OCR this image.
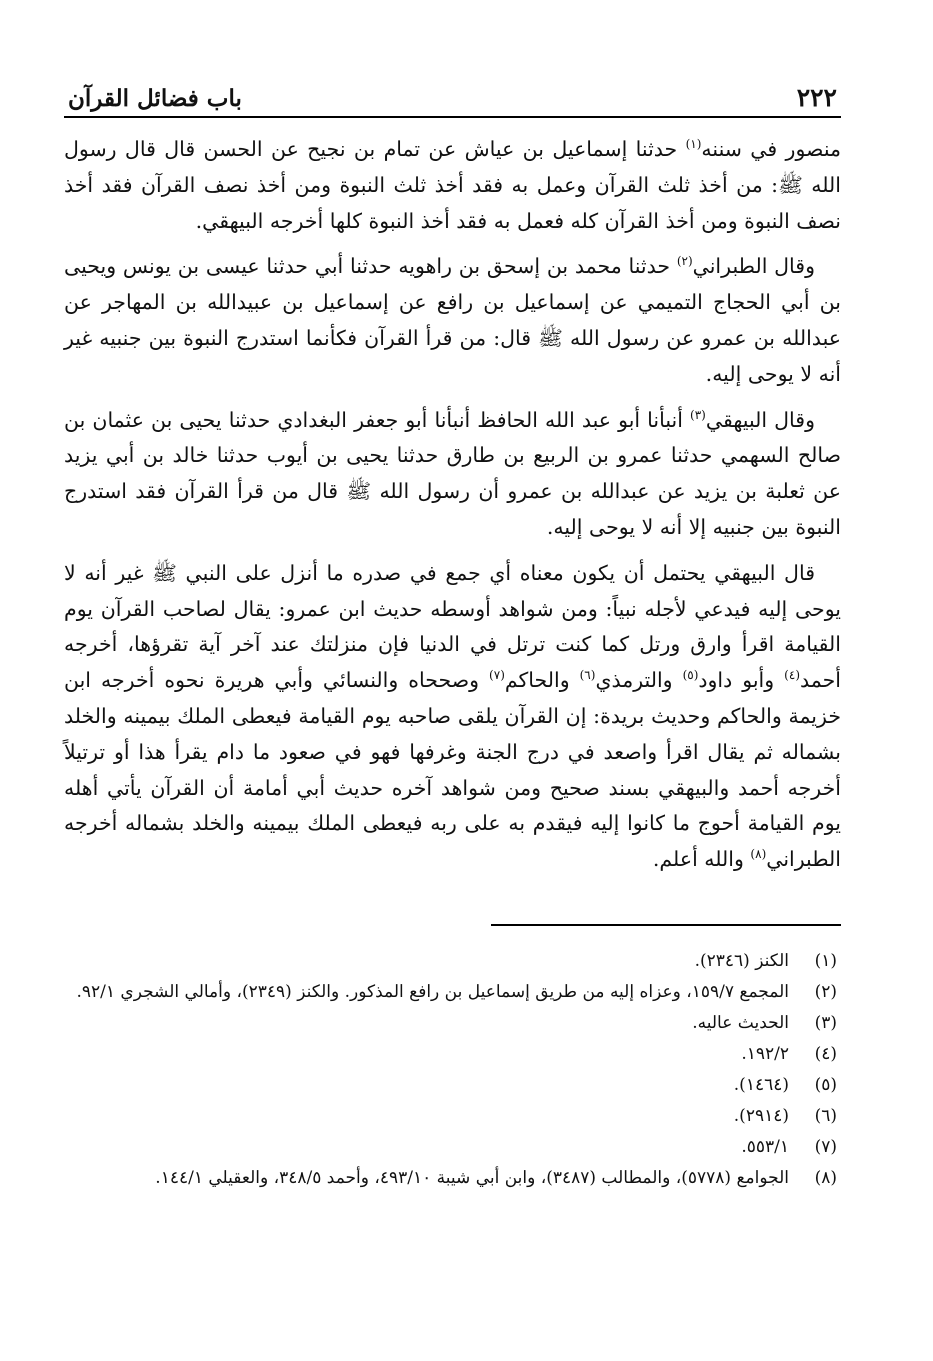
٢٢٢
باب فضائل القرآن

منصور في سننه$^{(١)}$ حدثنا إسماعيل بن عياش عن تمام بن نجيح عن الحسن قال قال رسول الله ﷺ: من أخذ ثلث القرآن وعمل به فقد أخذ ثلث النبوة ومن أخذ نصف القرآن فقد أخذ نصف النبوة ومن أخذ القرآن كله فعمل به فقد أخذ النبوة كلها أخرجه البيهقي.

وقال الطبراني$^{(٢)}$ حدثنا محمد بن إسحق بن راهويه حدثنا أبي حدثنا عيسى بن يونس ويحيى بن أبي الحجاج التميمي عن إسماعيل بن رافع عن إسماعيل بن عبيدالله بن المهاجر عن عبدالله بن عمرو عن رسول الله ﷺ قال: من قرأ القرآن فكأنما استدرج النبوة بين جنبيه غير أنه لا يوحى إليه.

وقال البيهقي$^{(٣)}$ أنبأنا أبو عبد الله الحافظ أنبأنا أبو جعفر البغدادي حدثنا يحيى بن عثمان بن صالح السهمي حدثنا عمرو بن الربيع بن طارق حدثنا يحيى بن أيوب حدثنا خالد بن أبي يزيد عن ثعلبة بن يزيد عن عبدالله بن عمرو أن رسول الله ﷺ قال من قرأ القرآن فقد استدرج النبوة بين جنبيه إلا أنه لا يوحى إليه.

قال البيهقي يحتمل أن يكون معناه أي جمع في صدره ما أنزل على النبي ﷺ غير أنه لا يوحى إليه فيدعي لأجله نبياً: ومن شواهد أوسطه حديث ابن عمرو: يقال لصاحب القرآن يوم القيامة اقرأ وارق ورتل كما كنت ترتل في الدنيا فإن منزلتك عند آخر آية تقرؤها، أخرجه أحمد$^{(٤)}$ وأبو داود$^{(٥)}$ والترمذي$^{(٦)}$ والحاكم$^{(٧)}$ وصححاه والنسائي وأبي هريرة نحوه أخرجه ابن خزيمة والحاكم وحديث بريدة: إن القرآن يلقى صاحبه يوم القيامة فيعطى الملك بيمينه والخلد بشماله ثم يقال اقرأ واصعد في درج الجنة وغرفها فهو في صعود ما دام يقرأ هذا أو ترتيلاً أخرجه أحمد والبيهقي بسند صحيح ومن شواهد آخره حديث أبي أمامة أن القرآن يأتي أهله يوم القيامة أحوج ما كانوا إليه فيقدم به على ربه فيعطى الملك بيمينه والخلد بشماله أخرجه الطبراني$^{(٨)}$ والله أعلم.

(١)
الكنز (٢٣٤٦).
(٢)
المجمع ١٥٩/٧، وعزاه إليه من طريق إسماعيل بن رافع المذكور. والكنز (٢٣٤٩)، وأمالي الشجري ٩٢/١.
(٣)
الحديث عاليه.
(٤)
١٩٢/٢.
(٥)
(١٤٦٤).
(٦)
(٢٩١٤).
(٧)
٥٥٣/١.
(٨)
الجوامع (٥٧٧٨)، والمطالب (٣٤٨٧)، وابن أبي شيبة ٤٩٣/١٠، وأحمد ٣٤٨/٥، والعقيلي ١٤٤/١.
